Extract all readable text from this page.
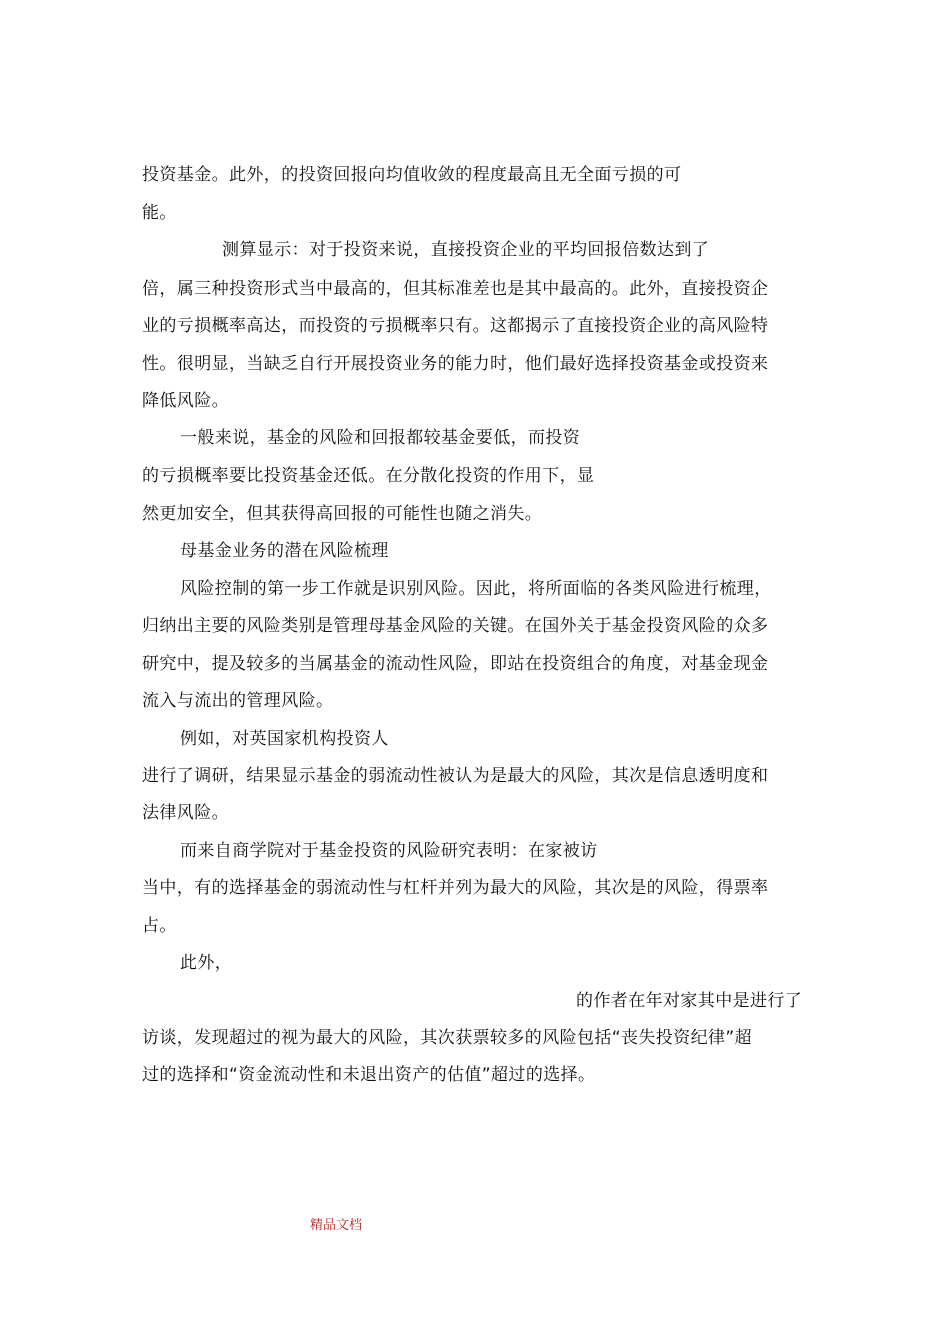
投资基金。此外，的投资回报向均值收敛的程度最高且无全面亏损的可
能。
测算显示：对于投资来说，直接投资企业的平均回报倍数达到了
倍，属三种投资形式当中最高的，但其标准差也是其中最高的。此外，直接投资企
业的亏损概率高达，而投资的亏损概率只有。这都揭示了直接投资企业的高风险特
性。很明显，当缺乏自行开展投资业务的能力时，他们最好选择投资基金或投资来
降低风险。
一般来说，基金的风险和回报都较基金要低，而投资
的亏损概率要比投资基金还低。在分散化投资的作用下，显
然更加安全，但其获得高回报的可能性也随之消失。
母基金业务的潜在风险梳理
风险控制的第一步工作就是识别风险。因此，将所面临的各类风险进行梳理，
归纳出主要的风险类别是管理母基金风险的关键。在国外关于基金投资风险的众多
研究中，提及较多的当属基金的流动性风险，即站在投资组合的角度，对基金现金
流入与流出的管理风险。
例如，对英国家机构投资人
进行了调研，结果显示基金的弱流动性被认为是最大的风险，其次是信息透明度和
法律风险。
而来自商学院对于基金投资的风险研究表明：在家被访
当中，有的选择基金的弱流动性与杠杆并列为最大的风险，其次是的风险，得票率
占。
此外，
的作者在年对家其中是进行了
访谈，发现超过的视为最大的风险，其次获票较多的风险包括“丧失投资纪律”超
过的选择和“资金流动性和未退出资产的估值”超过的选择。
精品文档
